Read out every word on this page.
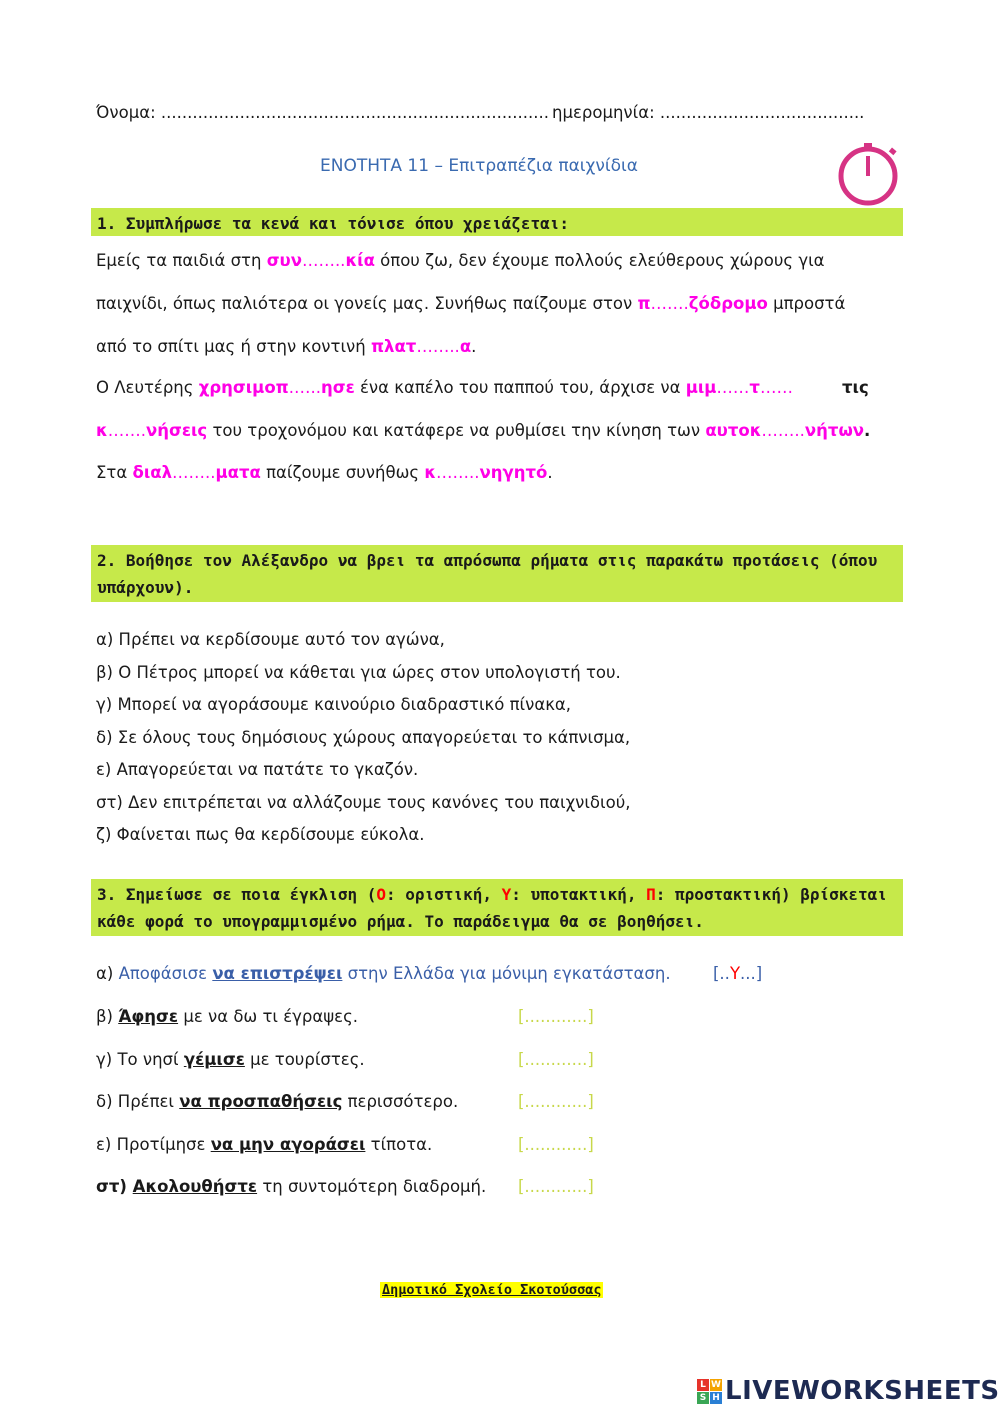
Όνομα: .......................................................................... ημερομηνία: .......................................
ΕΝΟΤΗΤΑ 11 – Επιτραπέζια παιχνίδια
1. Συμπλήρωσε τα κενά και τόνισε όπου χρειάζεται:
Εμείς τα παιδιά στη συν……..κία όπου ζω, δεν έχουμε πολλούς ελεύθερους χώρους για
παιχνίδι, όπως παλιότερα οι γονείς μας. Συνήθως παίζουμε στον π…….ζόδρομο μπροστά
από το σπίτι μας ή στην κοντινή πλατ……..α.
Ο Λευτέρης χρησιμοπ.…..ησε ένα καπέλο του παππού του, άρχισε να μιμ……τ……	τις
κ…….νήσεις του τροχονόμου και κατάφερε να ρυθμίσει την κίνηση των αυτοκ……..νήτων.
Στα διαλ……..ματα παίζουμε συνήθως κ……..νηγητό.
2. Βοήθησε τον Αλέξανδρο να βρει τα απρόσωπα ρήματα στις παρακάτω προτάσεις (όπου υπάρχουν).
α) Πρέπει να κερδίσουμε αυτό τον αγώνα,
β) Ο Πέτρος μπορεί να κάθεται για ώρες στον υπολογιστή του.
γ) Μπορεί να αγοράσουμε καινούριο διαδραστικό πίνακα,
δ) Σε όλους τους δημόσιους χώρους απαγορεύεται το κάπνισμα,
ε) Απαγορεύεται να πατάτε το γκαζόν.
στ) Δεν επιτρέπεται να αλλάζουμε τους κανόνες του παιχνιδιού,
ζ) Φαίνεται πως θα κερδίσουμε εύκολα.
3. Σημείωσε σε ποια έγκλιση (Ο: οριστική, Υ: υποτακτική, Π: προστακτική) βρίσκεται κάθε φορά το υπογραμμισμένο ρήμα. Το παράδειγμα θα σε βοηθήσει.
α) Αποφάσισε να επιστρέψει στην Ελλάδα για μόνιμη εγκατάσταση.	[..Υ...]
β) Άφησε με να δω τι έγραψες.	[............]
γ) Το νησί γέμισε με τουρίστες.	[............]
δ) Πρέπει να προσπαθήσεις περισσότερο.	[............]
ε) Προτίμησε να μην αγοράσει τίποτα.	[............]
στ) Ακολουθήστε τη συντομότερη διαδρομή. [............]
Δημοτικό Σχολείο Σκοτούσσας
L W
S H LIVEWORKSHEETS
